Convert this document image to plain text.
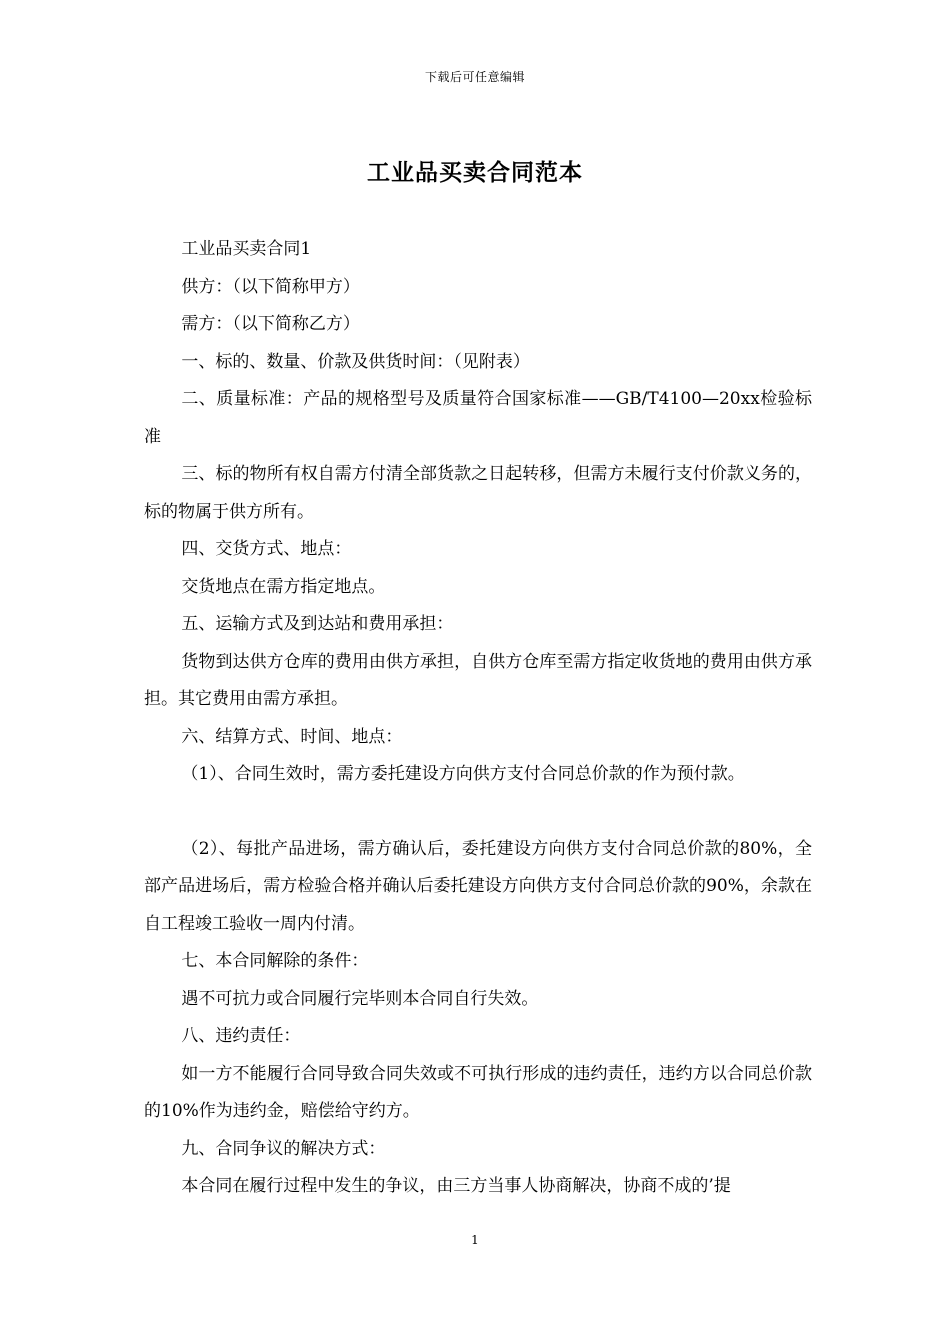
下载后可任意编辑
工业品买卖合同范本

工业品买卖合同1

供方：（以下简称甲方）

需方：（以下简称乙方）

一、标的、数量、价款及供货时间：（见附表）

二、质量标准：产品的规格型号及质量符合国家标准——GB/T4100—20xx检验标准

三、标的物所有权自需方付清全部货款之日起转移，但需方未履行支付价款义务的，标的物属于供方所有。

四、交货方式、地点：

交货地点在需方指定地点。

五、运输方式及到达站和费用承担：

货物到达供方仓库的费用由供方承担，自供方仓库至需方指定收货地的费用由供方承担。其它费用由需方承担。

六、结算方式、时间、地点：

（1）、合同生效时，需方委托建设方向供方支付合同总价款的作为预付款。

（2）、每批产品进场，需方确认后，委托建设方向供方支付合同总价款的80%，全部产品进场后，需方检验合格并确认后委托建设方向供方支付合同总价款的90%，余款在自工程竣工验收一周内付清。

七、本合同解除的条件：

遇不可抗力或合同履行完毕则本合同自行失效。

八、违约责任：

如一方不能履行合同导致合同失效或不可执行形成的违约责任，违约方以合同总价款的10%作为违约金，赔偿给守约方。

九、合同争议的解决方式：

本合同在履行过程中发生的争议，由三方当事人协商解决，协商不成的’提

1
